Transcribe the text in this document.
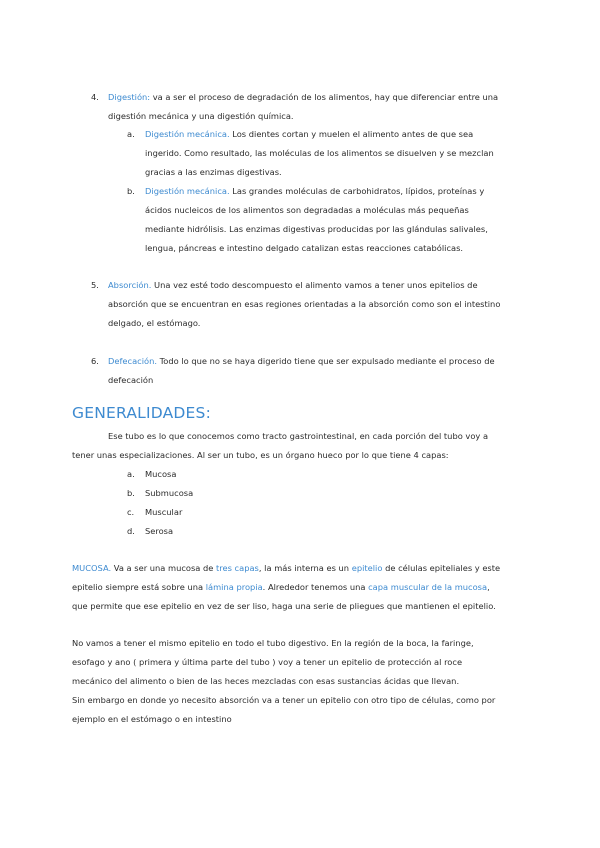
4. Digestión: va a ser el proceso de degradación de los alimentos, hay que diferenciar entre una
digestión mecánica y una digestión química.
a. Digestión mecánica. Los dientes cortan y muelen el alimento antes de que sea
ingerido. Como resultado, las moléculas de los alimentos se disuelven y se mezclan
gracias a las enzimas digestivas.
b. Digestión mecánica. Las grandes moléculas de carbohidratos, lípidos, proteínas y
ácidos nucleicos de los alimentos son degradadas a moléculas más pequeñas
mediante hidrólisis. Las enzimas digestivas producidas por las glándulas salivales,
lengua, páncreas e intestino delgado catalizan estas reacciones catabólicas.
5. Absorción. Una vez esté todo descompuesto el alimento vamos a tener unos epitelios de
absorción que se encuentran en esas regiones orientadas a la absorción como son el intestino
delgado, el estómago.
6. Defecación. Todo lo que no se haya digerido tiene que ser expulsado mediante el proceso de
defecación
GENERALIDADES:
Ese tubo es lo que conocemos como tracto gastrointestinal, en cada porción del tubo voy a
tener unas especializaciones. Al ser un tubo, es un órgano hueco por lo que tiene 4 capas:
a. Mucosa
b. Submucosa
c. Muscular
d. Serosa
MUCOSA. Va a ser una mucosa de tres capas, la más interna es un epitelio de células epiteliales y este
epitelio siempre está sobre una lámina propia. Alrededor tenemos una capa muscular de la mucosa,
que permite que ese epitelio en vez de ser liso, haga una serie de pliegues que mantienen el epitelio.
No vamos a tener el mismo epitelio en todo el tubo digestivo. En la región de la boca, la faringe,
esofago y ano ( primera y última parte del tubo ) voy a tener un epitelio de protección al roce
mecánico del alimento o bien de las heces mezcladas con esas sustancias ácidas que llevan.
Sin embargo en donde yo necesito absorción va a tener un epitelio con otro tipo de células, como por
ejemplo en el estómago o en intestino
